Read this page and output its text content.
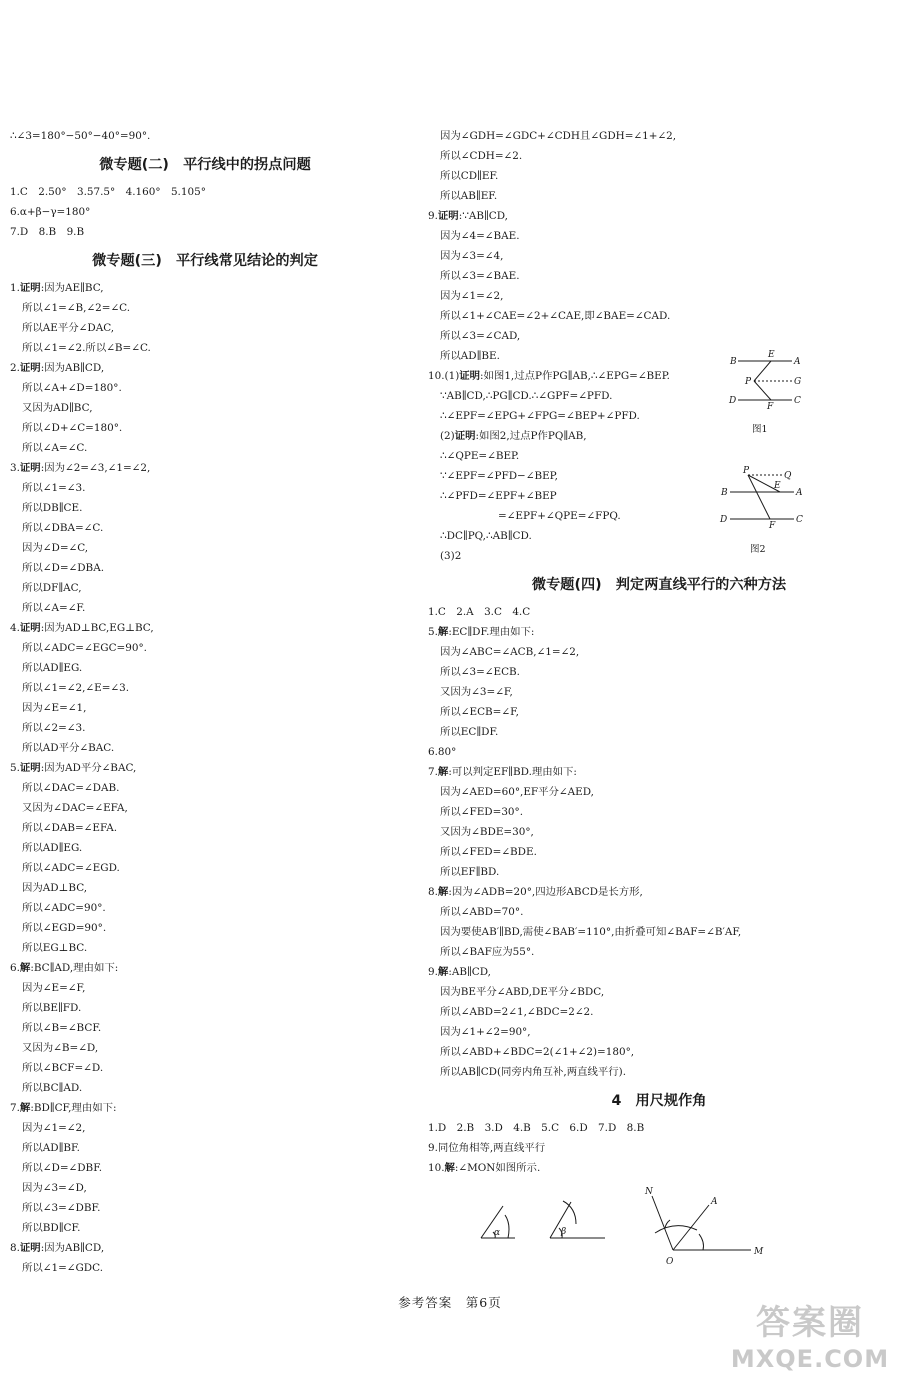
∴∠3=180°−50°−40°=90°.
微专题(二)　平行线中的拐点问题
1.C　2.50°　3.57.5°　4.160°　5.105°
6.α+β−γ=180°
7.D　8.B　9.B
微专题(三)　平行线常见结论的判定
1.证明:因为AE∥BC,
所以∠1=∠B,∠2=∠C.
所以AE平分∠DAC,
所以∠1=∠2.所以∠B=∠C.
2.证明:因为AB∥CD,
所以∠A+∠D=180°.
又因为AD∥BC,
所以∠D+∠C=180°.
所以∠A=∠C.
3.证明:因为∠2=∠3,∠1=∠2,
所以∠1=∠3.
所以DB∥CE.
所以∠DBA=∠C.
因为∠D=∠C,
所以∠D=∠DBA.
所以DF∥AC,
所以∠A=∠F.
4.证明:因为AD⊥BC,EG⊥BC,
所以∠ADC=∠EGC=90°.
所以AD∥EG.
所以∠1=∠2,∠E=∠3.
因为∠E=∠1,
所以∠2=∠3.
所以AD平分∠BAC.
5.证明:因为AD平分∠BAC,
所以∠DAC=∠DAB.
又因为∠DAC=∠EFA,
所以∠DAB=∠EFA.
所以AD∥EG.
所以∠ADC=∠EGD.
因为AD⊥BC,
所以∠ADC=90°.
所以∠EGD=90°.
所以EG⊥BC.
6.解:BC∥AD,理由如下:
因为∠E=∠F,
所以BE∥FD.
所以∠B=∠BCF.
又因为∠B=∠D,
所以∠BCF=∠D.
所以BC∥AD.
7.解:BD∥CF,理由如下:
因为∠1=∠2,
所以AD∥BF.
所以∠D=∠DBF.
因为∠3=∠D,
所以∠3=∠DBF.
所以BD∥CF.
8.证明:因为AB∥CD,
所以∠1=∠GDC.
因为∠GDH=∠GDC+∠CDH且∠GDH=∠1+∠2,
所以∠CDH=∠2.
所以CD∥EF.
所以AB∥EF.
9.证明:∵AB∥CD,
因为∠4=∠BAE.
因为∠3=∠4,
所以∠3=∠BAE.
因为∠1=∠2,
所以∠1+∠CAE=∠2+∠CAE,即∠BAE=∠CAD.
所以∠3=∠CAD,
所以AD∥BE.
10.(1)证明:如图1,过点P作PG∥AB,∴∠EPG=∠BEP.
∵AB∥CD,∴PG∥CD.∴∠GPF=∠PFD.
∴∠EPF=∠EPG+∠FPG=∠BEP+∠PFD.
(2)证明:如图2,过点P作PQ∥AB,
∴∠QPE=∠BEP.
∵∠EPF=∠PFD−∠BEP,
∴∠PFD=∠EPF+∠BEP
=∠EPF+∠QPE=∠FPQ.
∴DC∥PQ,∴AB∥CD.
(3)2
微专题(四)　判定两直线平行的六种方法
1.C　2.A　3.C　4.C
5.解:EC∥DF.理由如下:
因为∠ABC=∠ACB,∠1=∠2,
所以∠3=∠ECB.
又因为∠3=∠F,
所以∠ECB=∠F,
所以EC∥DF.
6.80°
7.解:可以判定EF∥BD.理由如下:
因为∠AED=60°,EF平分∠AED,
所以∠FED=30°.
又因为∠BDE=30°,
所以∠FED=∠BDE.
所以EF∥BD.
8.解:因为∠ADB=20°,四边形ABCD是长方形,
所以∠ABD=70°.
因为要使AB′∥BD,需使∠BAB′=110°,由折叠可知∠BAF=∠B′AF,
所以∠BAF应为55°.
9.解:AB∥CD,
因为BE平分∠ABD,DE平分∠BDC,
所以∠ABD=2∠1,∠BDC=2∠2.
因为∠1+∠2=90°,
所以∠ABD+∠BDC=2(∠1+∠2)=180°,
所以AB∥CD(同旁内角互补,两直线平行).
4　用尺规作角
1.D　2.B　3.D　4.B　5.C　6.D　7.D　8.B
9.同位角相等,两直线平行
10.解:∠MON如图所示.
B
E
A
P	G
D
F
C
图1
P	Q
B
E
A
D
F
C
图2
α	β
N
A
O
M
参考答案　第6页
答案圈
MXQE.COM
